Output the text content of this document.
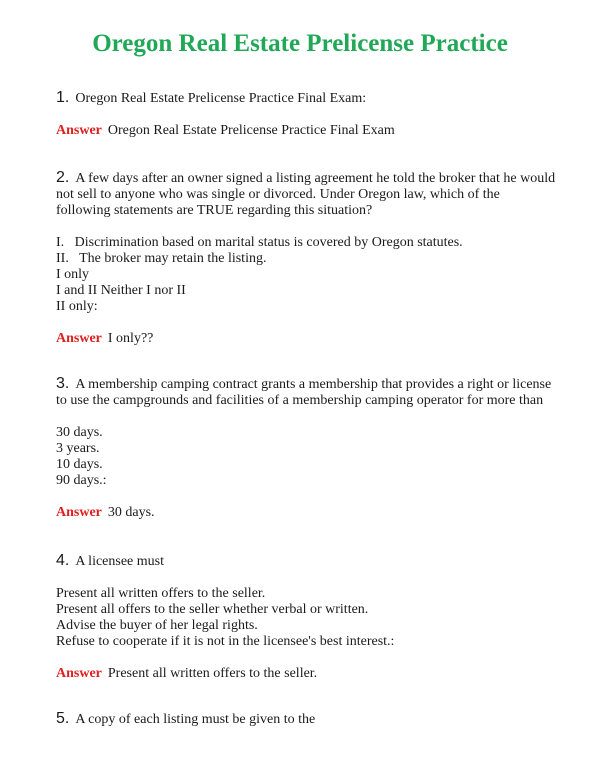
Oregon Real Estate Prelicense Practice

1. Oregon Real Estate Prelicense Practice Final Exam:

Answer Oregon Real Estate Prelicense Practice Final Exam

2. A few days after an owner signed a listing agreement he told the broker that he would not sell to anyone who was single or divorced. Under Oregon law, which of the following statements are TRUE regarding this situation?

I.   Discrimination based on marital status is covered by Oregon statutes.

II.   The broker may retain the listing.

I only

I and II Neither I nor II

II only:

Answer I only??

3. A membership camping contract grants a membership that provides a right or license to use the campgrounds and facilities of a membership camping operator for more than

30 days.

3 years.

10 days.

90 days.:

Answer 30 days.

4. A licensee must

Present all written offers to the seller.

Present all offers to the seller whether verbal or written.

Advise the buyer of her legal rights.

Refuse to cooperate if it is not in the licensee's best interest.:

Answer Present all written offers to the seller.

5. A copy of each listing must be given to the
